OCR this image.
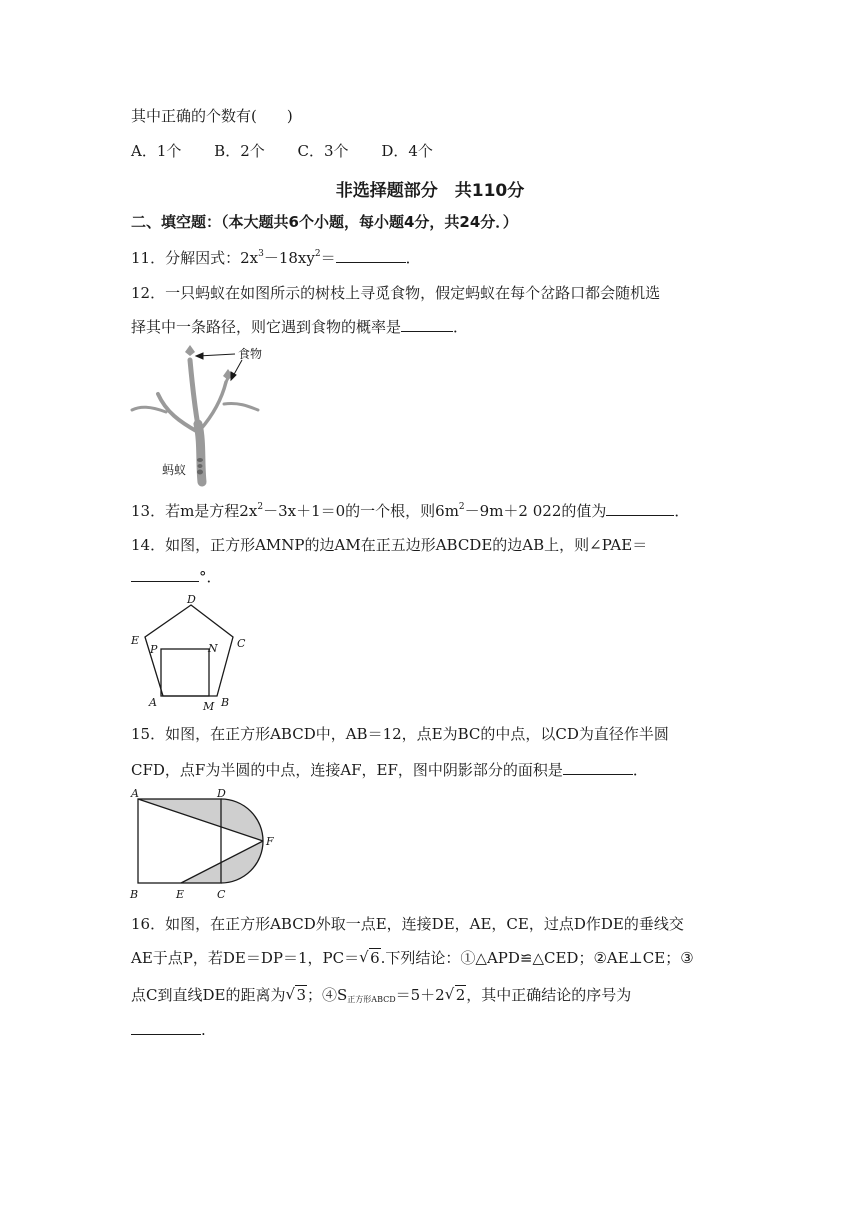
其中正确的个数有(　　)
A．1个 B．2个 C．3个 D．4个
非选择题部分　共110分
二、填空题：（本大题共6个小题，每小题4分，共24分．）
11．分解因式：$2x^3-18xy^2=$	．
12．一只蚂蚁在如图所示的树枝上寻觅食物，假定蚂蚁在每个岔路口都会随机选
择其中一条路径，则它遇到食物的概率是	．
食物
蚂蚁
13．若m是方程$2x^2-3x+1=0$的一个根，则$6m^2-9m+2$ 022的值为	．
14．如图，正方形AMNP的边AM在正五边形ABCDE的边AB上，则∠PAE＝
°．
D
E	C
P	N
A	M B
15．如图，在正方形ABCD中，AB＝12，点E为BC的中点，以CD为直径作半圆
CFD，点F为半圆的中点，连接AF，EF，图中阴影部分的面积是	．
A	D
F
B	E	C
16．如图，在正方形ABCD外取一点E，连接DE，AE，CE，过点D作DE的垂线交
AE于点P，若DE＝DP＝1，PC＝√ 6.下列结论：①△APD≌△CED；②AE⊥CE；③
点C到直线DE的距离为√ 3；$④S_{正方形ABCD}=5+2√$ 2，其中正确结论的序号为
.
